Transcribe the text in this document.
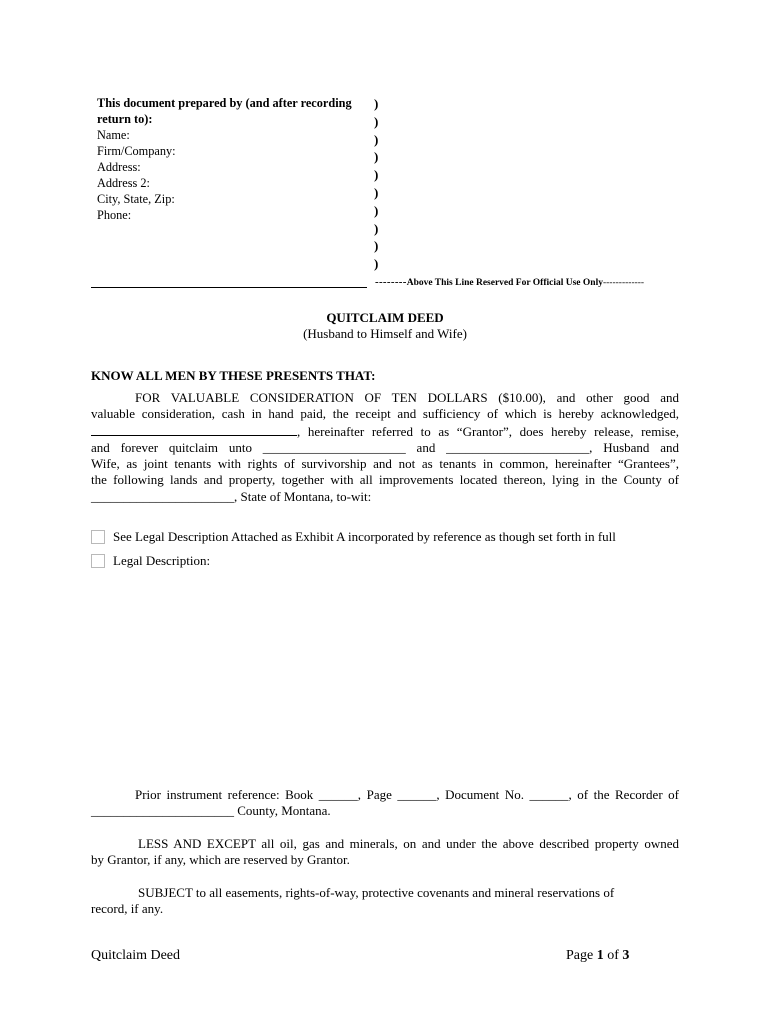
This document prepared by (and after recording
return to):
Name:
Firm/Company:
Address:
Address 2:
City, State, Zip:
Phone:
)
)
)
)
)
)
)
)
)
)
--------Above This Line Reserved For Official Use Only-------------
QUITCLAIM DEED
(Husband to Himself and Wife)
KNOW ALL MEN BY THESE PRESENTS THAT:
FOR VALUABLE CONSIDERATION OF TEN DOLLARS ($10.00), and other good and
valuable consideration, cash in hand paid, the receipt and sufficiency of which is hereby acknowledged,
, hereinafter referred to as “Grantor”, does hereby release, remise,
and forever quitclaim unto ______________________ and ______________________, Husband and
Wife, as joint tenants with rights of survivorship and not as tenants in common, hereinafter “Grantees”,
the following lands and property, together with all improvements located thereon, lying in the County of
______________________, State of Montana, to-wit:
See Legal Description Attached as Exhibit A incorporated by reference as though set forth in full
Legal Description:
Prior instrument reference: Book ______, Page ______, Document No. ______, of the Recorder of
______________________ County, Montana.
LESS AND EXCEPT all oil, gas and minerals, on and under the above described property owned
by Grantor, if any, which are reserved by Grantor.
SUBJECT to all easements, rights-of-way, protective covenants and mineral reservations of
record, if any.
Quitclaim Deed	Page 1 of 3
